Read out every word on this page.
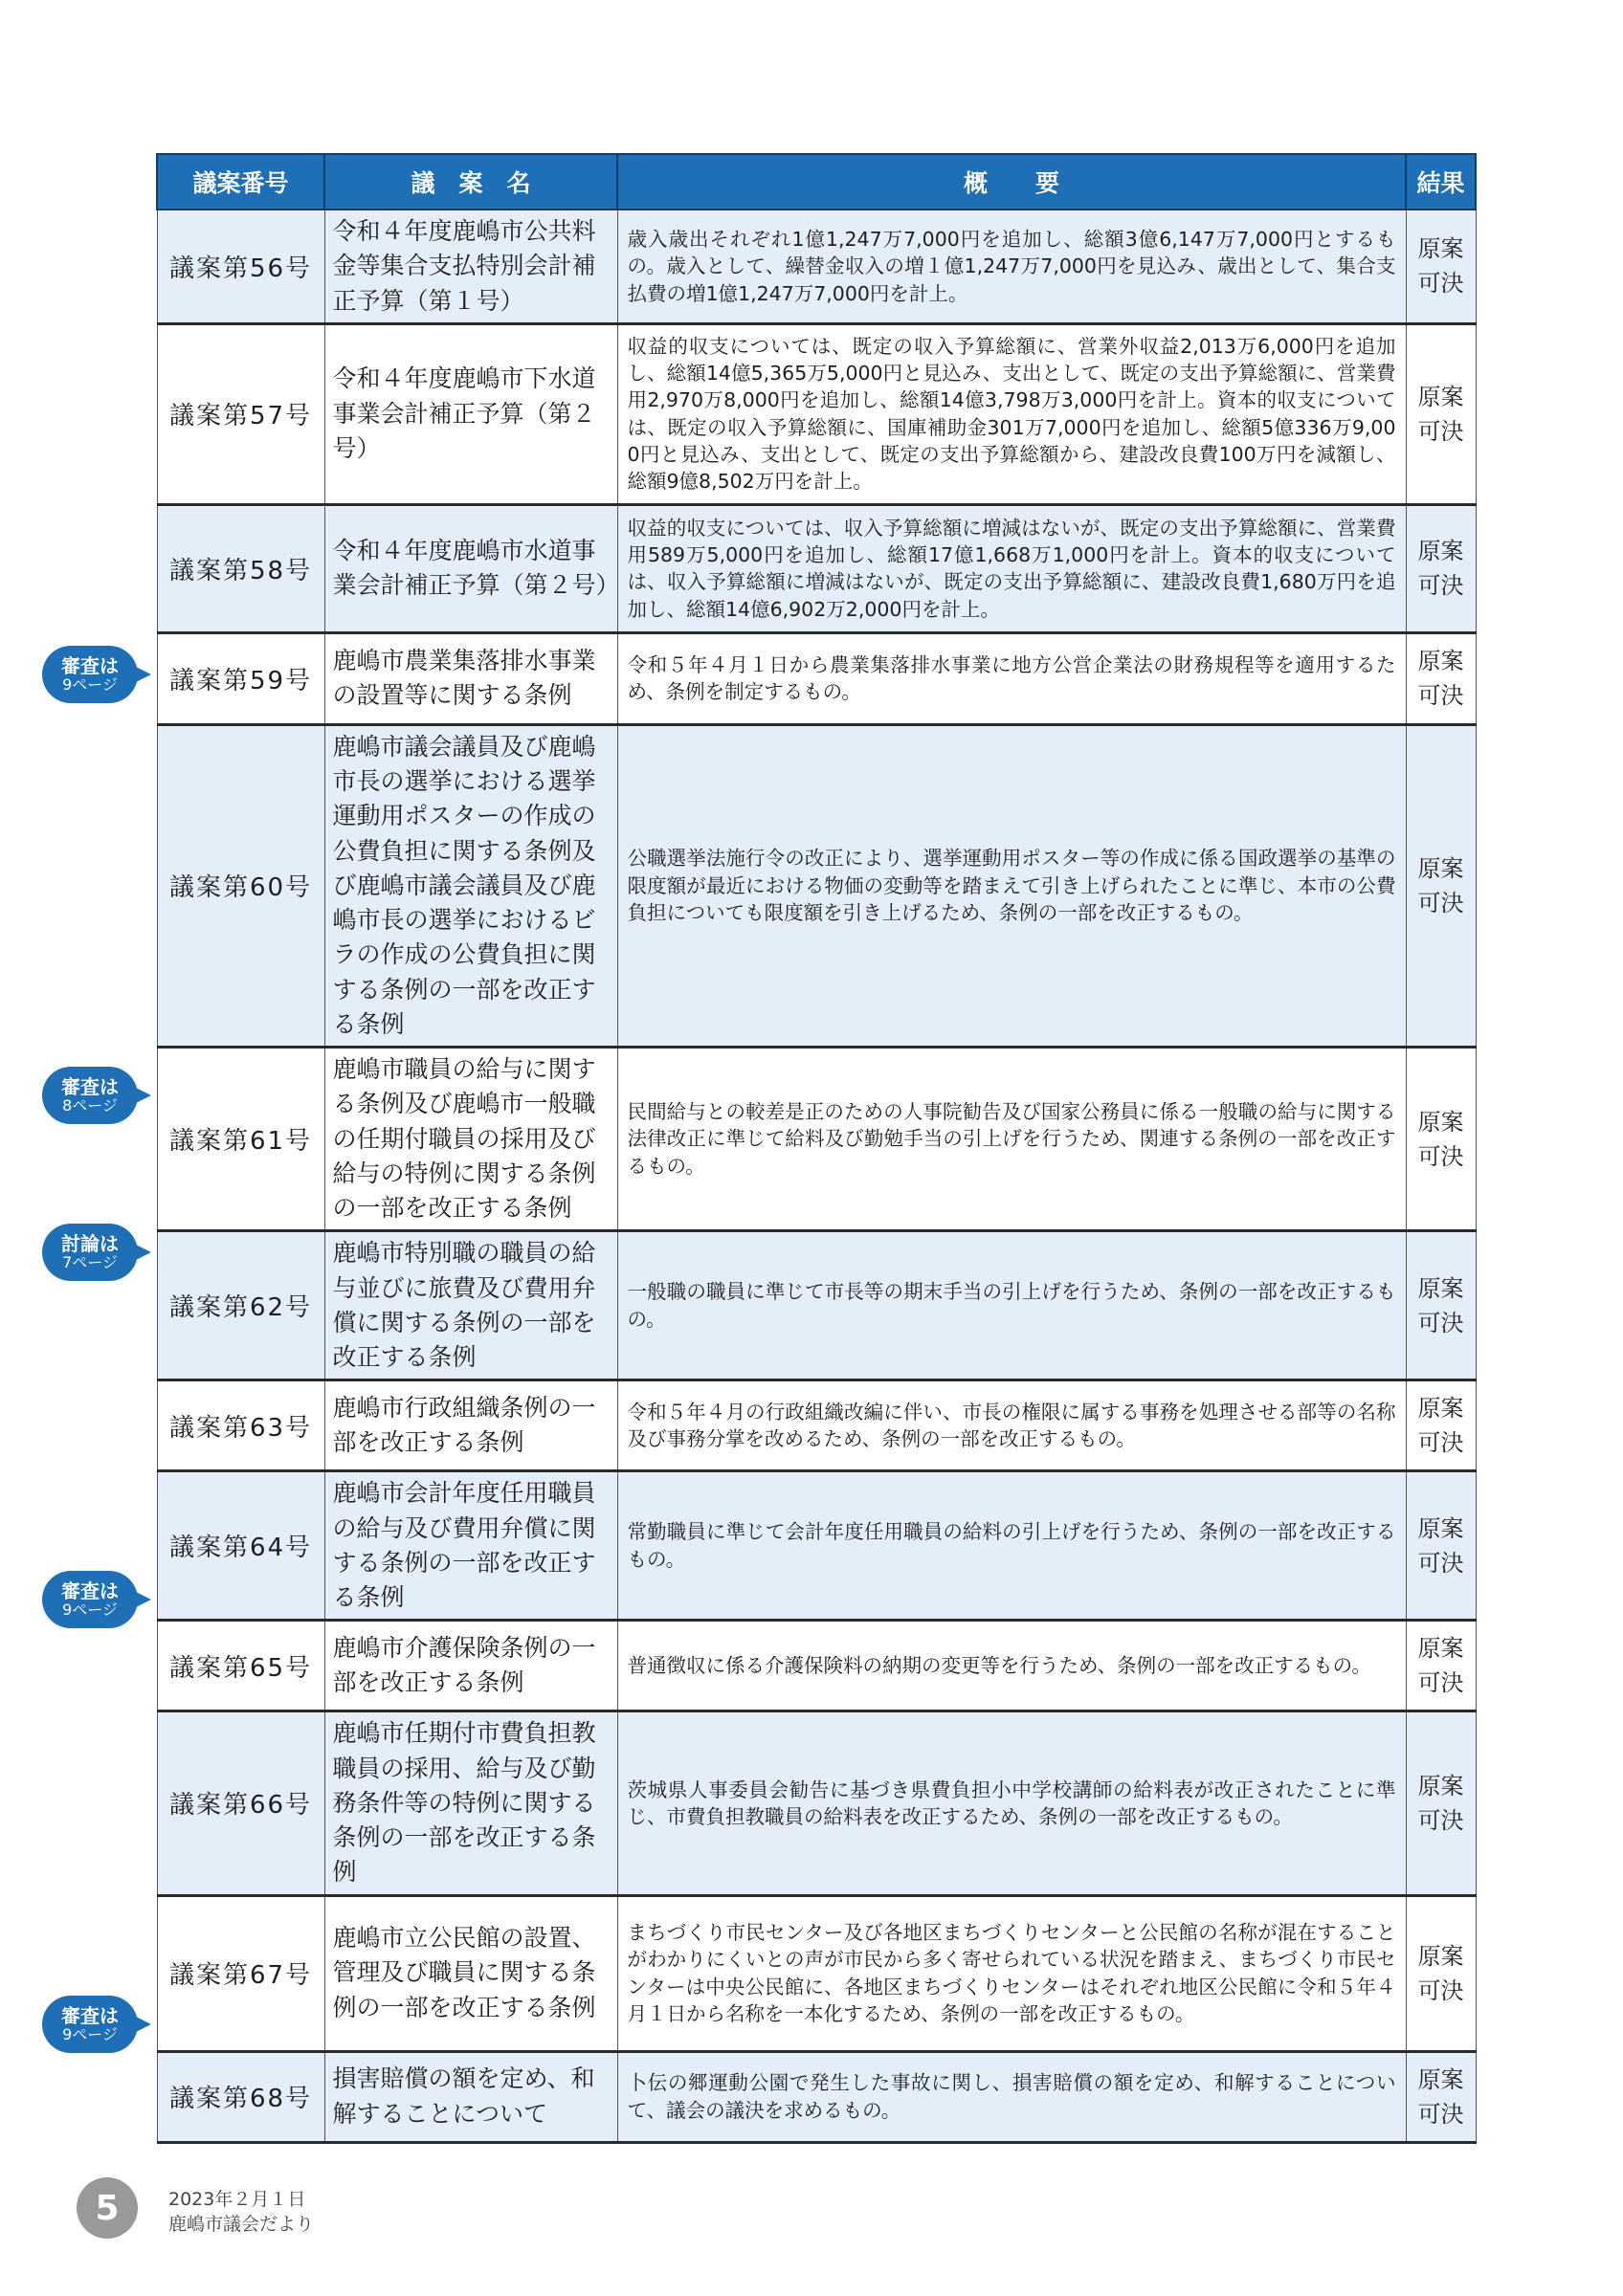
議案番号	議　案　名	概　　要	結果
議案第56号	令和４年度鹿嶋市公共料金等集合支払特別会計補正予算（第１号）	歳入歳出それぞれ1億1,247万7,000円を追加し、総額3億6,147万7,000円とするもの。歳入として、繰替金収入の増１億1,247万7,000円を見込み、歳出として、集合支払費の増1億1,247万7,000円を計上。	原案
可決

議案第57号	令和４年度鹿嶋市下水道事業会計補正予算（第２号）	収益的収支については、既定の収入予算総額に、営業外収益2,013万6,000円を追加し、総額14億5,365万5,000円と見込み、支出として、既定の支出予算総額に、営業費用2,970万8,000円を追加し、総額14億3,798万3,000円を計上。資本的収支については、既定の収入予算総額に、国庫補助金301万7,000円を追加し、総額5億336万9,000円と見込み、支出として、既定の支出予算総額から、建設改良費100万円を減額し、総額9億8,502万円を計上。	原案
可決

議案第58号	令和４年度鹿嶋市水道事業会計補正予算（第２号）	収益的収支については、収入予算総額に増減はないが、既定の支出予算総額に、営業費用589万5,000円を追加し、総額17億1,668万1,000円を計上。資本的収支については、収入予算総額に増減はないが、既定の支出予算総額に、建設改良費1,680万円を追加し、総額14億6,902万2,000円を計上。	原案
可決

議案第59号	鹿嶋市農業集落排水事業の設置等に関する条例	令和５年４月１日から農業集落排水事業に地方公営企業法の財務規程等を適用するため、条例を制定するもの。	原案
可決

議案第60号	鹿嶋市議会議員及び鹿嶋市長の選挙における選挙運動用ポスターの作成の公費負担に関する条例及び鹿嶋市議会議員及び鹿嶋市長の選挙におけるビラの作成の公費負担に関する条例の一部を改正する条例	公職選挙法施行令の改正により、選挙運動用ポスター等の作成に係る国政選挙の基準の限度額が最近における物価の変動等を踏まえて引き上げられたことに準じ、本市の公費負担についても限度額を引き上げるため、条例の一部を改正するもの。	原案
可決

議案第61号	鹿嶋市職員の給与に関する条例及び鹿嶋市一般職の任期付職員の採用及び給与の特例に関する条例の一部を改正する条例	民間給与との較差是正のための人事院勧告及び国家公務員に係る一般職の給与に関する法律改正に準じて給料及び勤勉手当の引上げを行うため、関連する条例の一部を改正するもの。	原案
可決

議案第62号	鹿嶋市特別職の職員の給与並びに旅費及び費用弁償に関する条例の一部を改正する条例	一般職の職員に準じて市長等の期末手当の引上げを行うため、条例の一部を改正するもの。	原案
可決

議案第63号	鹿嶋市行政組織条例の一部を改正する条例	令和５年４月の行政組織改編に伴い、市長の権限に属する事務を処理させる部等の名称及び事務分掌を改めるため、条例の一部を改正するもの。	原案
可決

議案第64号	鹿嶋市会計年度任用職員の給与及び費用弁償に関する条例の一部を改正する条例	常勤職員に準じて会計年度任用職員の給料の引上げを行うため、条例の一部を改正するもの。	原案
可決

議案第65号	鹿嶋市介護保険条例の一部を改正する条例	普通徴収に係る介護保険料の納期の変更等を行うため、条例の一部を改正するもの。	原案
可決

議案第66号	鹿嶋市任期付市費負担教職員の採用、給与及び勤務条件等の特例に関する条例の一部を改正する条例	茨城県人事委員会勧告に基づき県費負担小中学校講師の給料表が改正されたことに準じ、市費負担教職員の給料表を改正するため、条例の一部を改正するもの。	原案
可決

議案第67号	鹿嶋市立公民館の設置、管理及び職員に関する条例の一部を改正する条例	まちづくり市民センター及び各地区まちづくりセンターと公民館の名称が混在することがわかりにくいとの声が市民から多く寄せられている状況を踏まえ、まちづくり市民センターは中央公民館に、各地区まちづくりセンターはそれぞれ地区公民館に令和５年４月１日から名称を一本化するため、条例の一部を改正するもの。	原案
可決

議案第68号	損害賠償の額を定め、和解することについて	卜伝の郷運動公園で発生した事故に関し、損害賠償の額を定め、和解することについて、議会の議決を求めるもの。	原案
可決
審査は
9ページ
審査は
8ページ
討論は
7ページ
審査は
9ページ
審査は
9ページ
5	2023年２月１日
鹿嶋市議会だより
